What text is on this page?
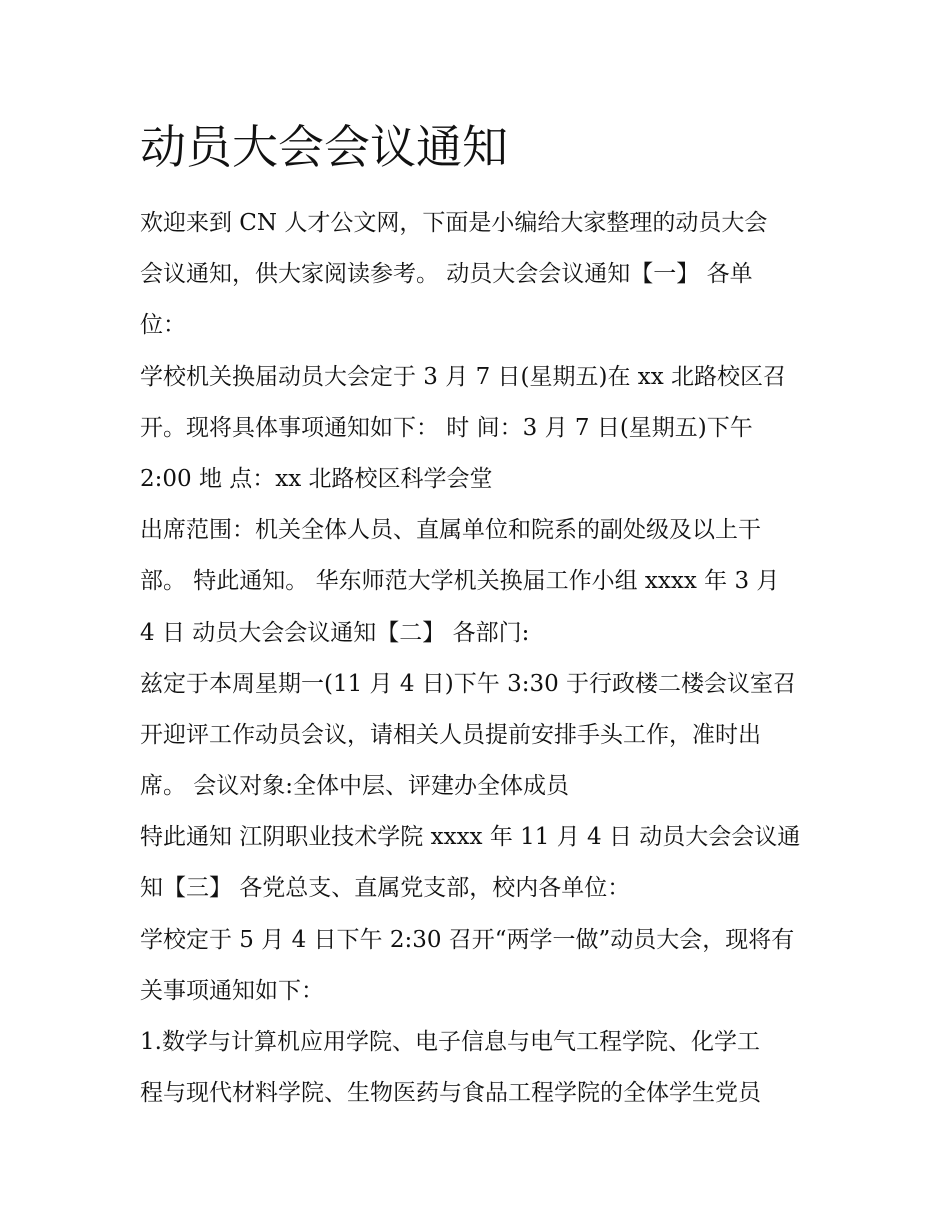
动员大会会议通知
欢迎来到 CN 人才公文网，下面是小编给大家整理的动员大会
会议通知，供大家阅读参考。 动员大会会议通知【一】 各单
位：
学校机关换届动员大会定于 3 月 7 日(星期五)在 xx 北路校区召
开。现将具体事项通知如下： 时 间：3 月 7 日(星期五)下午
2:00 地 点：xx 北路校区科学会堂
出席范围：机关全体人员、直属单位和院系的副处级及以上干
部。 特此通知。 华东师范大学机关换届工作小组 xxxx 年 3 月
4 日 动员大会会议通知【二】 各部门:
兹定于本周星期一(11 月 4 日)下午 3:30 于行政楼二楼会议室召
开迎评工作动员会议，请相关人员提前安排手头工作，准时出
席。 会议对象:全体中层、评建办全体成员
特此通知 江阴职业技术学院 xxxx 年 11 月 4 日 动员大会会议通
知【三】 各党总支、直属党支部，校内各单位：
学校定于 5 月 4 日下午 2:30 召开“两学一做”动员大会，现将有
关事项通知如下：
1.数学与计算机应用学院、电子信息与电气工程学院、化学工
程与现代材料学院、生物医药与食品工程学院的全体学生党员
